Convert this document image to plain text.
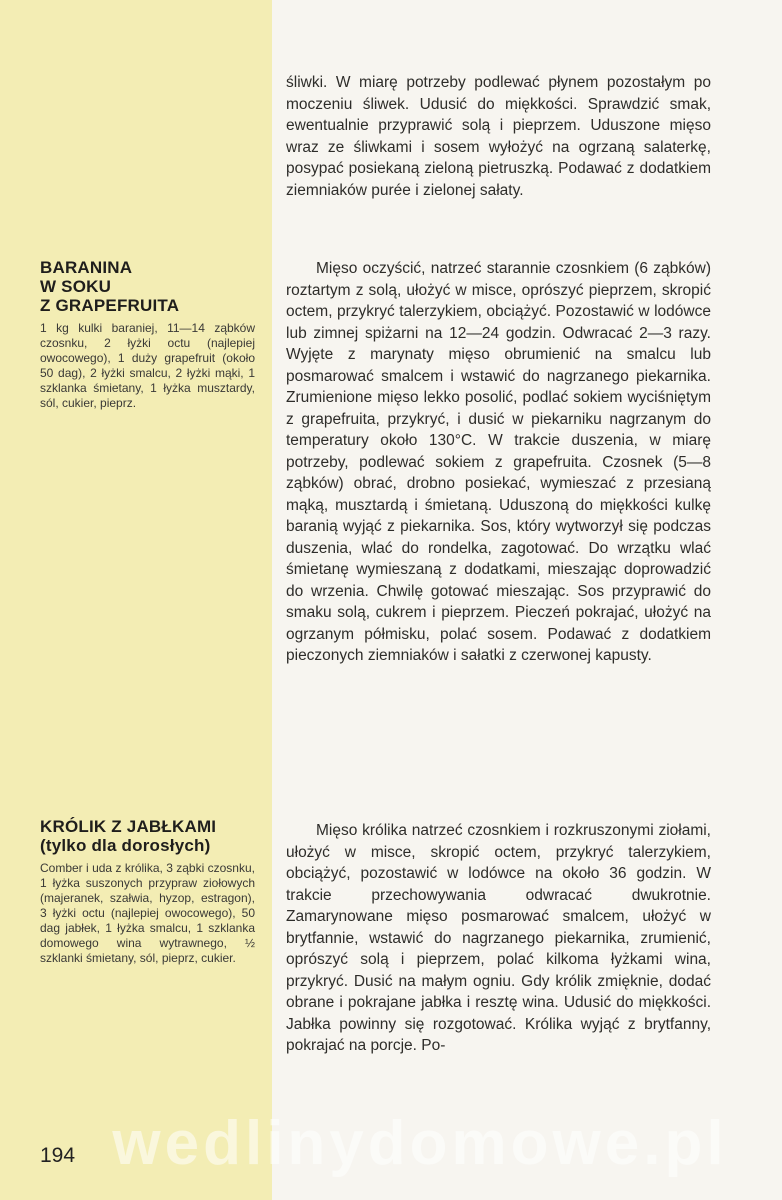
BARANINA
W SOKU
Z GRAPEFRUITA
1 kg kulki baraniej, 11—14 ząbków czosnku, 2 łyżki octu (najlepiej owocowego), 1 duży grapefruit (około 50 dag), 2 łyżki smalcu, 2 łyżki mąki, 1 szklanka śmietany, 1 łyżka musztardy, sól, cukier, pieprz.
KRÓLIK Z JABŁKAMI
(tylko dla dorosłych)
Comber i uda z królika, 3 ząbki czosnku, 1 łyżka suszonych przypraw ziołowych (majeranek, szałwia, hyzop, estragon), 3 łyżki octu (najlepiej owocowego), 50 dag jabłek, 1 łyżka smalcu, 1 szklanka domowego wina wytrawnego, ½ szklanki śmietany, sól, pieprz, cukier.
śliwki. W miarę potrzeby podlewać płynem pozostałym po moczeniu śliwek. Udusić do miękkości. Sprawdzić smak, ewentualnie przyprawić solą i pieprzem. Uduszone mięso wraz ze śliwkami i sosem wyłożyć na ogrzaną salaterkę, posypać posiekaną zieloną pietruszką. Podawać z dodatkiem ziemniaków purée i zielonej sałaty.
Mięso oczyścić, natrzeć starannie czosnkiem (6 ząbków) roztartym z solą, ułożyć w misce, oprószyć pieprzem, skropić octem, przykryć talerzykiem, obciążyć. Pozostawić w lodówce lub zimnej spiżarni na 12—24 godzin. Odwracać 2—3 razy. Wyjęte z marynaty mięso obrumienić na smalcu lub posmarować smalcem i wstawić do nagrzanego piekarnika. Zrumienione mięso lekko posolić, podlać sokiem wyciśniętym z grapefruita, przykryć, i dusić w piekarniku nagrzanym do temperatury około 130°C. W trakcie duszenia, w miarę potrzeby, podlewać sokiem z grapefruita. Czosnek (5—8 ząbków) obrać, drobno posiekać, wymieszać z przesianą mąką, musztardą i śmietaną. Uduszoną do miękkości kulkę baranią wyjąć z piekarnika. Sos, który wytworzył się podczas duszenia, wlać do rondelka, zagotować. Do wrzątku wlać śmietanę wymieszaną z dodatkami, mieszając doprowadzić do wrzenia. Chwilę gotować mieszając. Sos przyprawić do smaku solą, cukrem i pieprzem. Pieczeń pokrajać, ułożyć na ogrzanym półmisku, polać sosem. Podawać z dodatkiem pieczonych ziemniaków i sałatki z czerwonej kapusty.
Mięso królika natrzeć czosnkiem i rozkruszonymi ziołami, ułożyć w misce, skropić octem, przykryć talerzykiem, obciążyć, pozostawić w lodówce na około 36 godzin. W trakcie przechowywania odwracać dwukrotnie. Zamarynowane mięso posmarować smalcem, ułożyć w brytfannie, wstawić do nagrzanego piekarnika, zrumienić, oprószyć solą i pieprzem, polać kilkoma łyżkami wina, przykryć. Dusić na małym ogniu. Gdy królik zmięknie, dodać obrane i pokrajane jabłka i resztę wina. Udusić do miękkości. Jabłka powinny się rozgotować. Królika wyjąć z brytfanny, pokrajać na porcje. Po-
wedlinydomowe.pl
194
